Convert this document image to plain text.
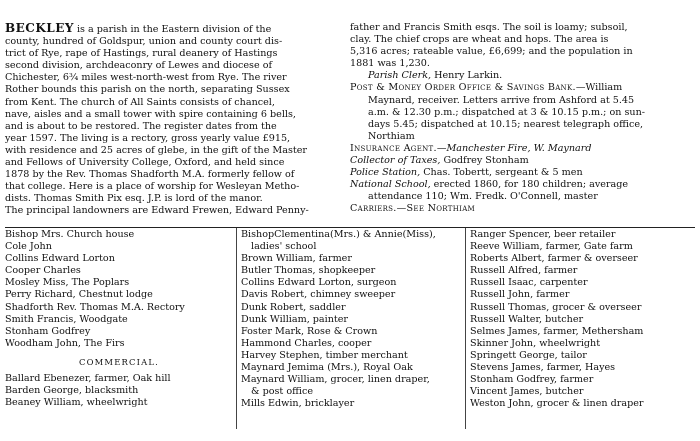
BECKLEY is a parish in the Eastern division of the

county, hundred of Goldspur, union and county court dis-

trict of Rye, rape of Hastings, rural deanery of Hastings

second division, archdeaconry of Lewes and diocese of

Chichester, 6¾ miles west-north-west from Rye. The river

Rother bounds this parish on the north, separating Sussex

from Kent. The church of All Saints consists of chancel,

nave, aisles and a small tower with spire containing 6 bells,

and is about to be restored. The register dates from the

year 1597. The living is a rectory, gross yearly value £915,

with residence and 25 acres of glebe, in the gift of the Master

and Fellows of University College, Oxford, and held since

1878 by the Rev. Thomas Shadforth M.A. formerly fellow of

that college. Here is a place of worship for Wesleyan Metho-

dists. Thomas Smith Pix esq. J.P. is lord of the manor.

The principal landowners are Edward Frewen, Edward Penny-

father and Francis Smith esqs. The soil is loamy; subsoil,

clay. The chief crops are wheat and hops. The area is

5,316 acres; rateable value, £6,699; and the population in

1881 was 1,230.

Parish Clerk, Henry Larkin.

Post & Money Order Office & Savings Bank.—William

Maynard, receiver. Letters arrive from Ashford at 5.45

a.m. & 12.30 p.m.; dispatched at 3 & 10.15 p.m.; on sun-

days 5.45; dispatched at 10.15; nearest telegraph office,

Northiam

Insurance Agent.—Manchester Fire, W. Maynard

Collector of Taxes, Godfrey Stonham

Police Station, Chas. Tobertt, sergeant & 5 men

National School, erected 1860, for 180 children; average

attendance 110; Wm. Fredk. O'Connell, master

Carriers.—See Northiam

Bishop Mrs. Church house
Cole John
Collins Edward Lorton
Cooper Charles
Mosley Miss, The Poplars
Perry Richard, Chestnut lodge
Shadforth Rev. Thomas M.A. Rectory
Smith Francis, Woodgate
Stonham Godfrey
Woodham John, The Firs
COMMERCIAL.
Ballard Ebenezer, farmer, Oak hill
Barden George, blacksmith
Beaney William, wheelwright
BishopClementina(Mrs.) & Annie(Miss),
ladies' school
Brown William, farmer
Butler Thomas, shopkeeper
Collins Edward Lorton, surgeon
Davis Robert, chimney sweeper
Dunk Robert, saddler
Dunk William, painter
Foster Mark, Rose & Crown
Hammond Charles, cooper
Harvey Stephen, timber merchant
Maynard Jemima (Mrs.), Royal Oak
Maynard William, grocer, linen draper,
& post office
Mills Edwin, bricklayer
Ranger Spencer, beer retailer
Reeve William, farmer, Gate farm
Roberts Albert, farmer & overseer
Russell Alfred, farmer
Russell Isaac, carpenter
Russell John, farmer
Russell Thomas, grocer & overseer
Russell Walter, butcher
Selmes James, farmer, Methersham
Skinner John, wheelwright
Springett George, tailor
Stevens James, farmer, Hayes
Stonham Godfrey, farmer
Vincent James, butcher
Weston John, grocer & linen draper
